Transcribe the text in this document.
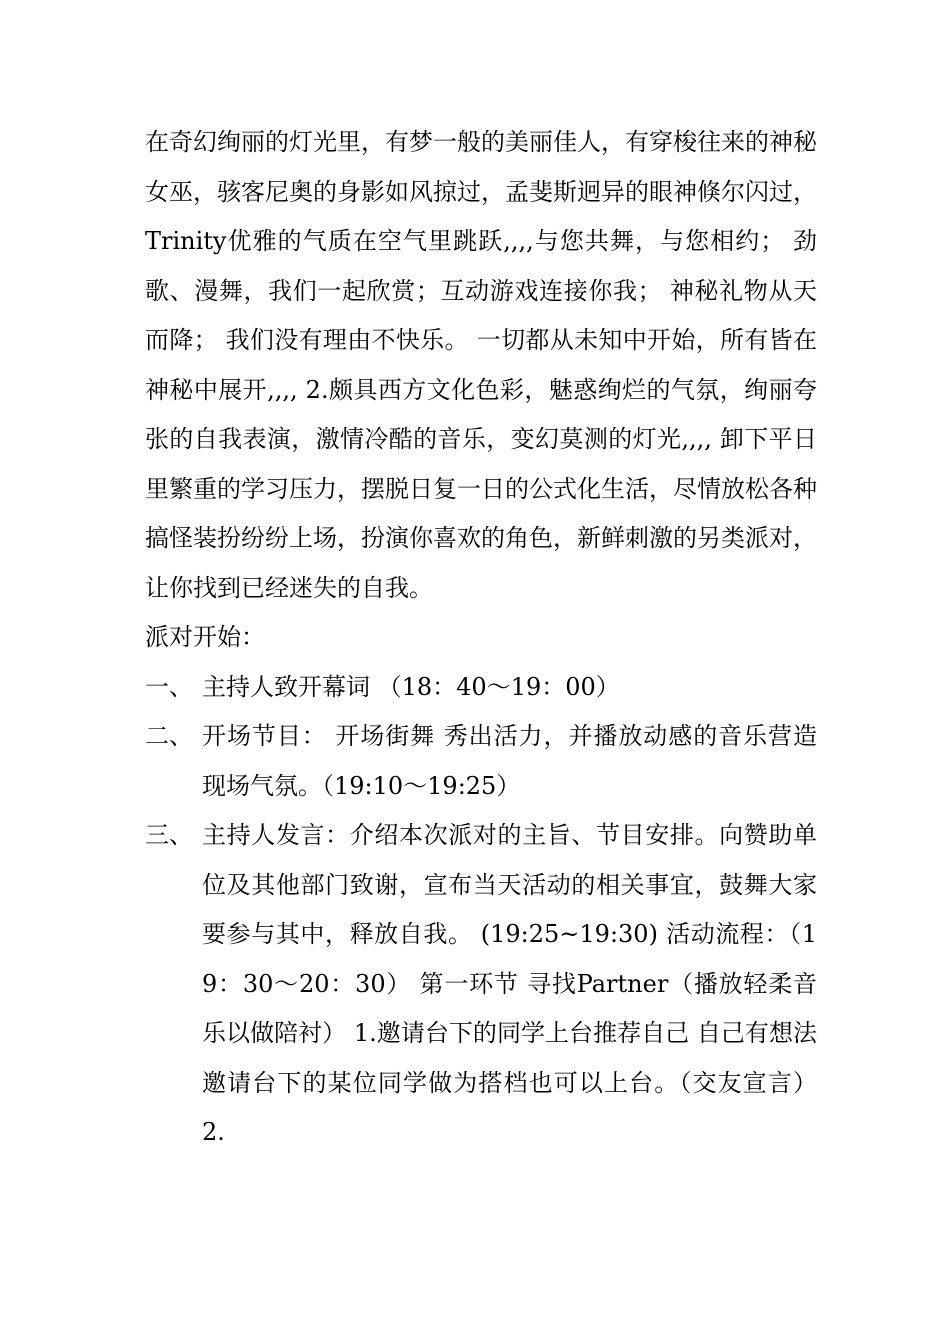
在奇幻绚丽的灯光里，有梦一般的美丽佳人，有穿梭往来的神秘女巫，骇客尼奥的身影如风掠过，孟斐斯迥异的眼神倏尔闪过，Trinity优雅的气质在空气里跳跃,,,,与您共舞，与您相约； 劲歌、漫舞，我们一起欣赏；互动游戏连接你我； 神秘礼物从天而降； 我们没有理由不快乐。 一切都从未知中开始，所有皆在神秘中展开,,,, 2.颇具西方文化色彩，魅惑绚烂的气氛，绚丽夸张的自我表演，激情冷酷的音乐，变幻莫测的灯光,,,, 卸下平日里繁重的学习压力，摆脱日复一日的公式化生活，尽情放松各种搞怪装扮纷纷上场，扮演你喜欢的角色，新鲜刺激的另类派对，让你找到已经迷失的自我。

派对开始：

一、 主持人致开幕词 （18：40～19：00）
二、 开场节目： 开场街舞 秀出活力，并播放动感的音乐营造现场气氛。（19:10～19:25）
三、 主持人发言：介绍本次派对的主旨、节目安排。向赞助单位及其他部门致谢，宣布当天活动的相关事宜，鼓舞大家要参与其中，释放自我。 (19:25~19:30) 活动流程：（19：30～20：30） 第一环节 寻找Partner（播放轻柔音乐以做陪衬） 1.邀请台下的同学上台推荐自己 自己有想法邀请台下的某位同学做为搭档也可以上台。（交友宣言） 2.
